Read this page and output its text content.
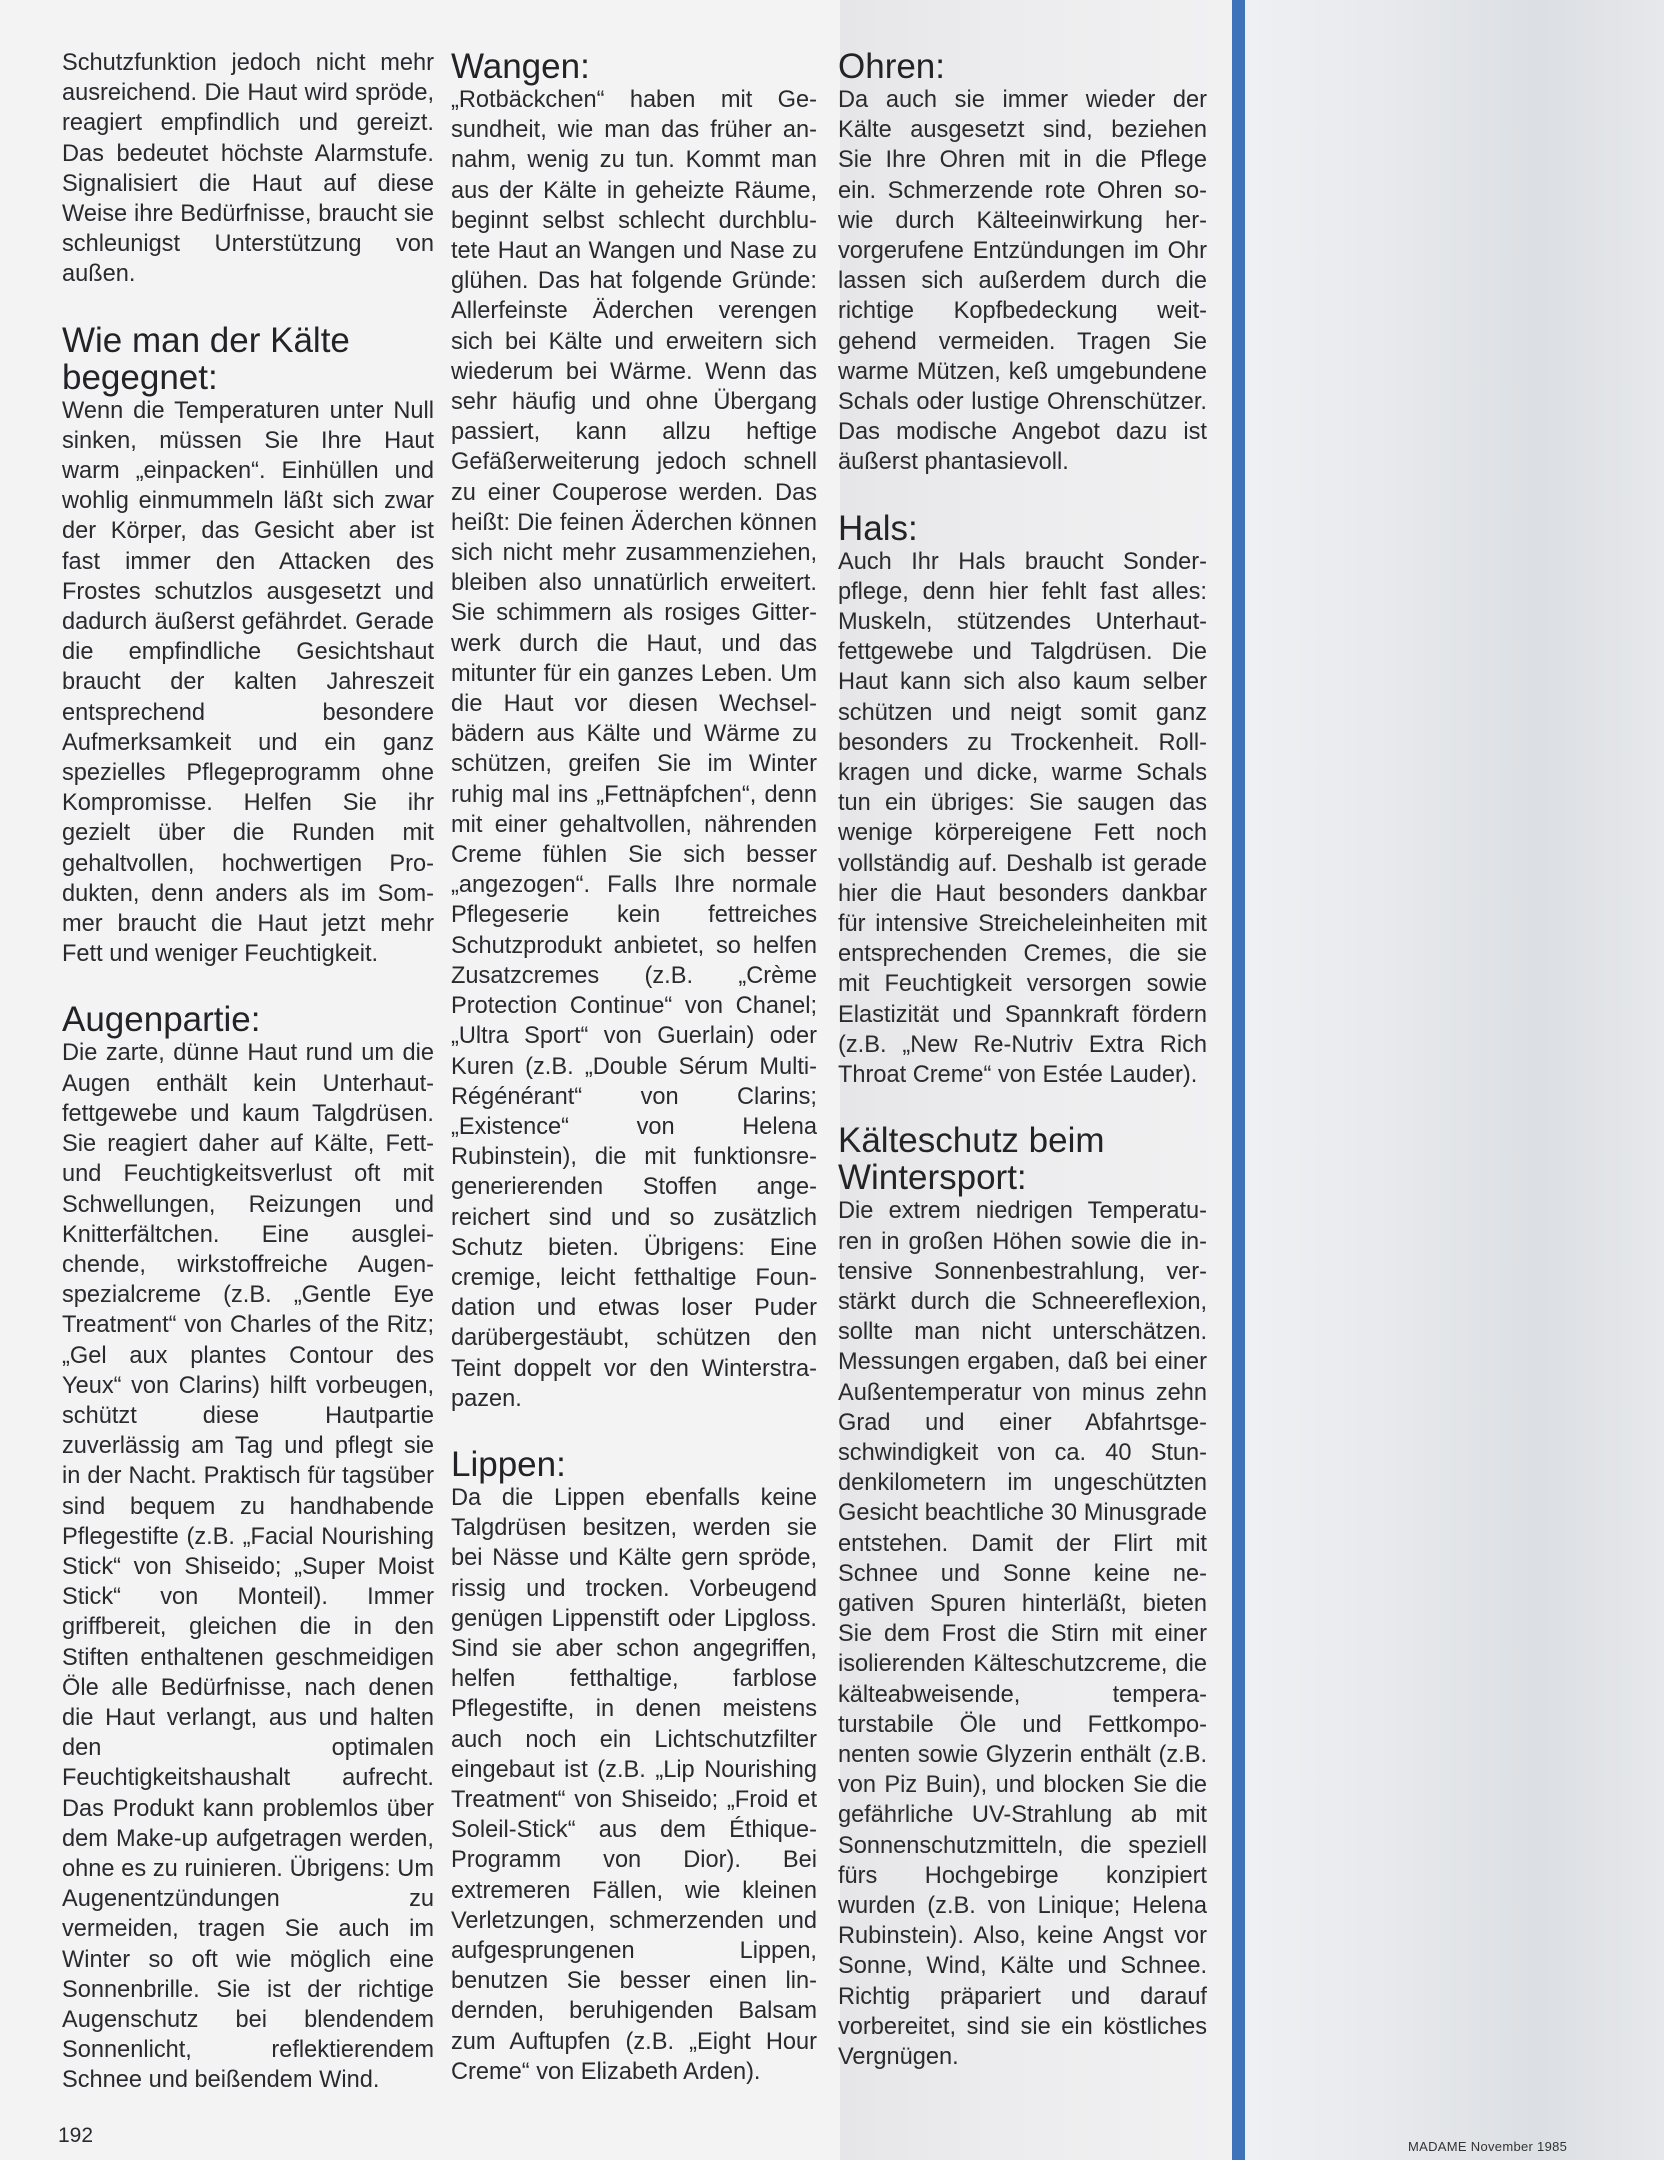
Schutzfunktion jedoch nicht mehr ausreichend. Die Haut wird spröde, reagiert empfindlich und gereizt. Das bedeutet höchste Alarmstufe. Signalisiert die Haut auf diese Weise ihre Bedürfnisse, braucht sie schleunigst Unterstützung von außen.

Wie man der Kälte begegnet:

Wenn die Temperaturen unter Null sinken, müssen Sie Ihre Haut warm „einpacken“. Einhüllen und wohlig einmummeln läßt sich zwar der Körper, das Gesicht aber ist fast immer den Attacken des Frostes schutzlos ausgesetzt und dadurch äußerst gefährdet. Gerade die empfindliche Gesichtshaut braucht der kalten Jahreszeit entsprechend besondere Aufmerksamkeit und ein ganz spezielles Pflegeprogramm ohne Kompromisse. Helfen Sie ihr gezielt über die Runden mit gehaltvollen, hochwertigen Produkten, denn anders als im Sommer braucht die Haut jetzt mehr Fett und weniger Feuchtigkeit.

Augenpartie:

Die zarte, dünne Haut rund um die Augen enthält kein Unterhautfettgewebe und kaum Talgdrüsen. Sie reagiert daher auf Kälte, Fett- und Feuchtigkeitsverlust oft mit Schwellungen, Reizungen und Knitterfältchen. Eine ausgleichende, wirkstoffreiche Augenspezialcreme (z.B. „Gentle Eye Treatment“ von Charles of the Ritz; „Gel aux plantes Contour des Yeux“ von Clarins) hilft vorbeugen, schützt diese Hautpartie zuverlässig am Tag und pflegt sie in der Nacht. Praktisch für tagsüber sind bequem zu handhabende Pflegestifte (z.B. „Facial Nourishing Stick“ von Shiseido; „Super Moist Stick“ von Monteil). Immer griffbereit, gleichen die in den Stiften enthaltenen geschmeidigen Öle alle Bedürfnisse, nach denen die Haut verlangt, aus und halten den optimalen Feuchtigkeitshaushalt aufrecht. Das Produkt kann problemlos über dem Make-up aufgetragen werden, ohne es zu ruinieren. Übrigens: Um Augenentzündungen zu vermeiden, tragen Sie auch im Winter so oft wie möglich eine Sonnenbrille. Sie ist der richtige Augenschutz bei blendendem Sonnenlicht, reflektierendem Schnee und beißendem Wind.

Wangen:

„Rotbäckchen“ haben mit Gesundheit, wie man das früher annahm, wenig zu tun. Kommt man aus der Kälte in geheizte Räume, beginnt selbst schlecht durchblutete Haut an Wangen und Nase zu glühen. Das hat folgende Gründe: Allerfeinste Äderchen verengen sich bei Kälte und erweitern sich wiederum bei Wärme. Wenn das sehr häufig und ohne Übergang passiert, kann allzu heftige Gefäßerweiterung jedoch schnell zu einer Couperose werden. Das heißt: Die feinen Äderchen können sich nicht mehr zusammenziehen, bleiben also unnatürlich erweitert. Sie schimmern als rosiges Gitterwerk durch die Haut, und das mitunter für ein ganzes Leben. Um die Haut vor diesen Wechselbädern aus Kälte und Wärme zu schützen, greifen Sie im Winter ruhig mal ins „Fettnäpfchen“, denn mit einer gehaltvollen, nährenden Creme fühlen Sie sich besser „angezogen“. Falls Ihre normale Pflegeserie kein fettreiches Schutzprodukt anbietet, so helfen Zusatzcremes (z.B. „Crème Protection Continue“ von Chanel; „Ultra Sport“ von Guerlain) oder Kuren (z.B. „Double Sérum Multi-Régénérant“ von Clarins; „Existence“ von Helena Rubinstein), die mit funktionsregenerierenden Stoffen angereichert sind und so zusätzlich Schutz bieten. Übrigens: Eine cremige, leicht fetthaltige Foundation und etwas loser Puder darübergestäubt, schützen den Teint doppelt vor den Winterstrapazen.

Lippen:

Da die Lippen ebenfalls keine Talgdrüsen besitzen, werden sie bei Nässe und Kälte gern spröde, rissig und trocken. Vorbeugend genügen Lippenstift oder Lipgloss. Sind sie aber schon angegriffen, helfen fetthaltige, farblose Pflegestifte, in denen meistens auch noch ein Lichtschutzfilter eingebaut ist (z.B. „Lip Nourishing Treatment“ von Shiseido; „Froid et Soleil-Stick“ aus dem Éthique-Programm von Dior). Bei extremeren Fällen, wie kleinen Verletzungen, schmerzenden und aufgesprungenen Lippen, benutzen Sie besser einen lindernden, beruhigenden Balsam zum Auftupfen (z.B. „Eight Hour Creme“ von Elizabeth Arden).

Ohren:

Da auch sie immer wieder der Kälte ausgesetzt sind, beziehen Sie Ihre Ohren mit in die Pflege ein. Schmerzende rote Ohren sowie durch Kälteeinwirkung hervorgerufene Entzündungen im Ohr lassen sich außerdem durch die richtige Kopfbedeckung weitgehend vermeiden. Tragen Sie warme Mützen, keß umgebundene Schals oder lustige Ohrenschützer. Das modische Angebot dazu ist äußerst phantasievoll.

Hals:

Auch Ihr Hals braucht Sonderpflege, denn hier fehlt fast alles: Muskeln, stützendes Unterhautfettgewebe und Talgdrüsen. Die Haut kann sich also kaum selber schützen und neigt somit ganz besonders zu Trockenheit. Rollkragen und dicke, warme Schals tun ein übriges: Sie saugen das wenige körpereigene Fett noch vollständig auf. Deshalb ist gerade hier die Haut besonders dankbar für intensive Streicheleinheiten mit entsprechenden Cremes, die sie mit Feuchtigkeit versorgen sowie Elastizität und Spannkraft fördern (z.B. „New Re-Nutriv Extra Rich Throat Creme“ von Estée Lauder).

Kälteschutz beim Wintersport:

Die extrem niedrigen Temperaturen in großen Höhen sowie die intensive Sonnenbestrahlung, verstärkt durch die Schneereflexion, sollte man nicht unterschätzen. Messungen ergaben, daß bei einer Außentemperatur von minus zehn Grad und einer Abfahrtsgeschwindigkeit von ca. 40 Stundenkilometern im ungeschützten Gesicht beachtliche 30 Minusgrade entstehen. Damit der Flirt mit Schnee und Sonne keine negativen Spuren hinterläßt, bieten Sie dem Frost die Stirn mit einer isolierenden Kälteschutzcreme, die kälteabweisende, temperaturstabile Öle und Fettkomponenten sowie Glyzerin enthält (z.B. von Piz Buin), und blocken Sie die gefährliche UV-Strahlung ab mit Sonnenschutzmitteln, die speziell fürs Hochgebirge konzipiert wurden (z.B. von Linique; Helena Rubinstein). Also, keine Angst vor Sonne, Wind, Kälte und Schnee. Richtig präpariert und darauf vorbereitet, sind sie ein köstliches Vergnügen.

192	MADAME November 1985
